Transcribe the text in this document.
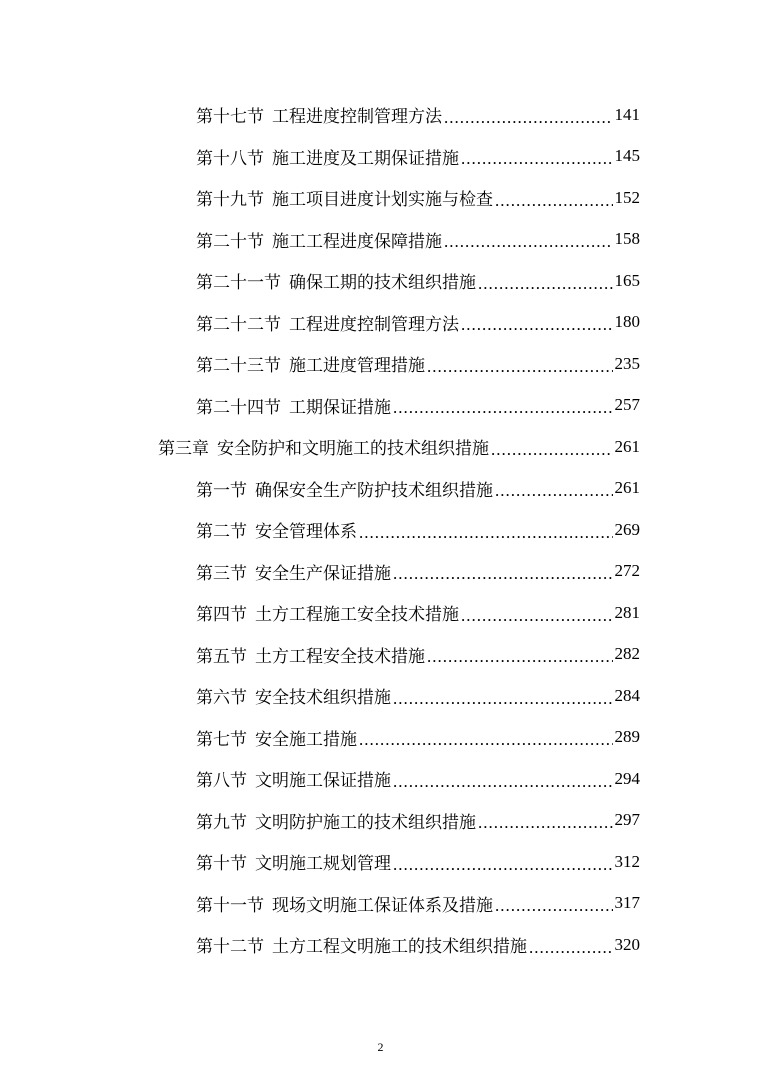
第十七节 工程进度控制管理方法 .....	141
第十八节 施工进度及工期保证措施 .....	145
第十九节 施工项目进度计划实施与检查 .....	152
第二十节 施工工程进度保障措施 .....	158
第二十一节 确保工期的技术组织措施 .....	165
第二十二节 工程进度控制管理方法 .....	180
第二十三节 施工进度管理措施 .....	235
第二十四节 工期保证措施 .....	257
第三章 安全防护和文明施工的技术组织措施 .....	261
第一节 确保安全生产防护技术组织措施 .....	261
第二节 安全管理体系 .....	269
第三节 安全生产保证措施 .....	272
第四节 土方工程施工安全技术措施 .....	281
第五节 土方工程安全技术措施 .....	282
第六节 安全技术组织措施 .....	284
第七节 安全施工措施 .....	289
第八节 文明施工保证措施 .....	294
第九节 文明防护施工的技术组织措施 .....	297
第十节 文明施工规划管理 .....	312
第十一节 现场文明施工保证体系及措施 .....	317
第十二节 土方工程文明施工的技术组织措施 .....	320
2
